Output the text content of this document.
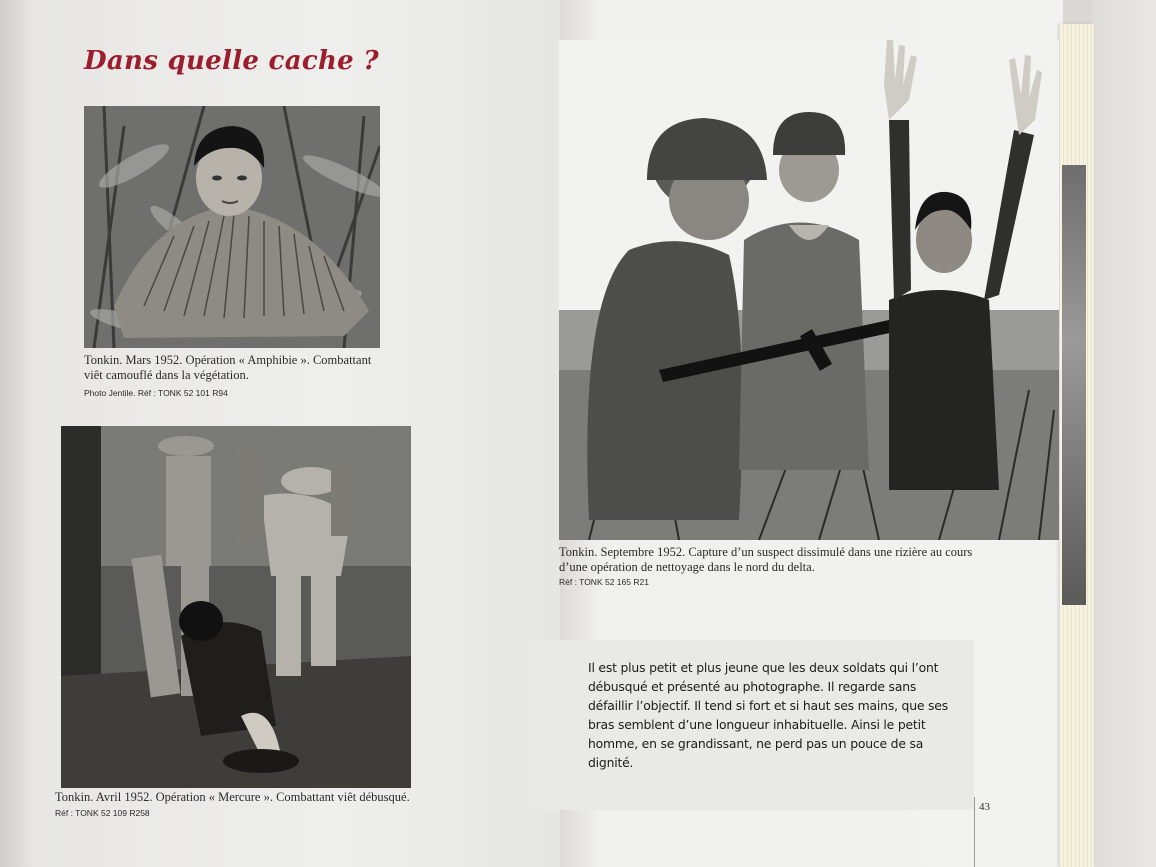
Dans quelle cache ?

Tonkin. Mars 1952. Opération « Amphibie ». Combattant viêt camouflé dans la végétation.

Photo Jentile. Réf : TONK 52 101 R94

Tonkin. Avril 1952. Opération « Mercure ». Combattant viêt débusqué.

Réf : TONK 52 109 R258

Tonkin. Septembre 1952. Capture d’un suspect dissimulé dans une rizière au cours d’une opération de nettoyage dans le nord du delta.

Réf : TONK 52 165 R21

Il est plus petit et plus jeune que les deux soldats qui l’ont débusqué et présenté au photographe. Il regarde sans défaillir l’objectif. Il tend si fort et si haut ses mains, que ses bras semblent d’une longueur inhabituelle. Ainsi le petit homme, en se grandissant, ne perd pas un pouce de sa dignité.

43
